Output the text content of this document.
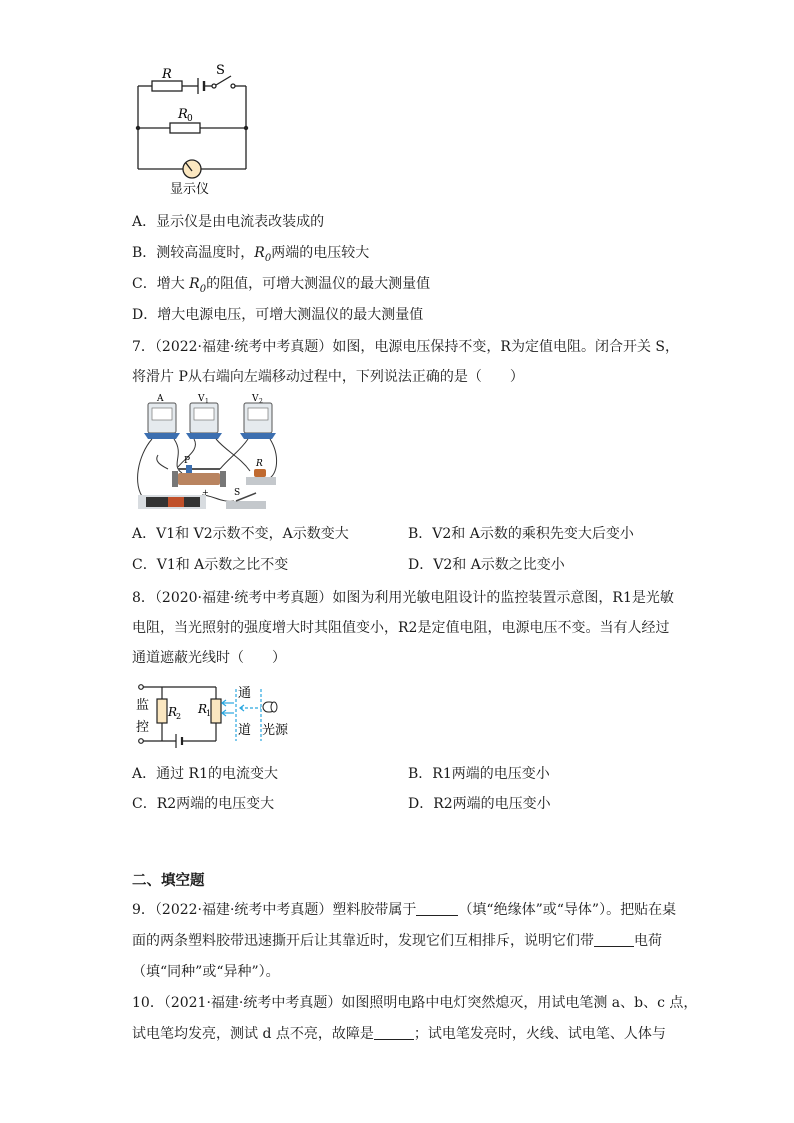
R	S
R 0
显示仪
A．显示仪是由电流表改装成的
B．测较高温度时，$R_0$两端的电压较大
C．增大 $R_0$的阻值，可增大测温仪的最大测量值
D．增大电源电压，可增大测温仪的最大测量值
7．（2022·福建·统考中考真题）如图，电源电压保持不变，R为定值电阻。闭合开关 S，
将滑片 P从右端向左端移动过程中，下列说法正确的是（　　）
A	V 1	V 2
P	R
+	S
A．V1和 V2示数不变，A示数变大	B．V2和 A示数的乘积先变大后变小
C．V1和 A示数之比不变	D．V2和 A示数之比变小
8．（2020·福建·统考中考真题）如图为利用光敏电阻设计的监控装置示意图，R1是光敏
电阻，当光照射的强度增大时其阻值变小，R2是定值电阻，电源电压不变。当有人经过
通道遮蔽光线时（　　）
监
控
R
2
R
1
通
道 光源
A．通过 R1的电流变大	B．R1两端的电压变小
C．R2两端的电压变大	D．R2两端的电压变小
二、填空题
9．（2022·福建·统考中考真题）塑料胶带属于	（填“绝缘体”或“导体”）。把贴在桌
面的两条塑料胶带迅速撕开后让其靠近时，发现它们互相排斥，说明它们带	电荷
（填“同种”或“异种”）。
10．（2021·福建·统考中考真题）如图照明电路中电灯突然熄灭，用试电笔测 a、b、c 点，
试电笔均发亮，测试 d 点不亮，故障是	；试电笔发亮时，火线、试电笔、人体与
